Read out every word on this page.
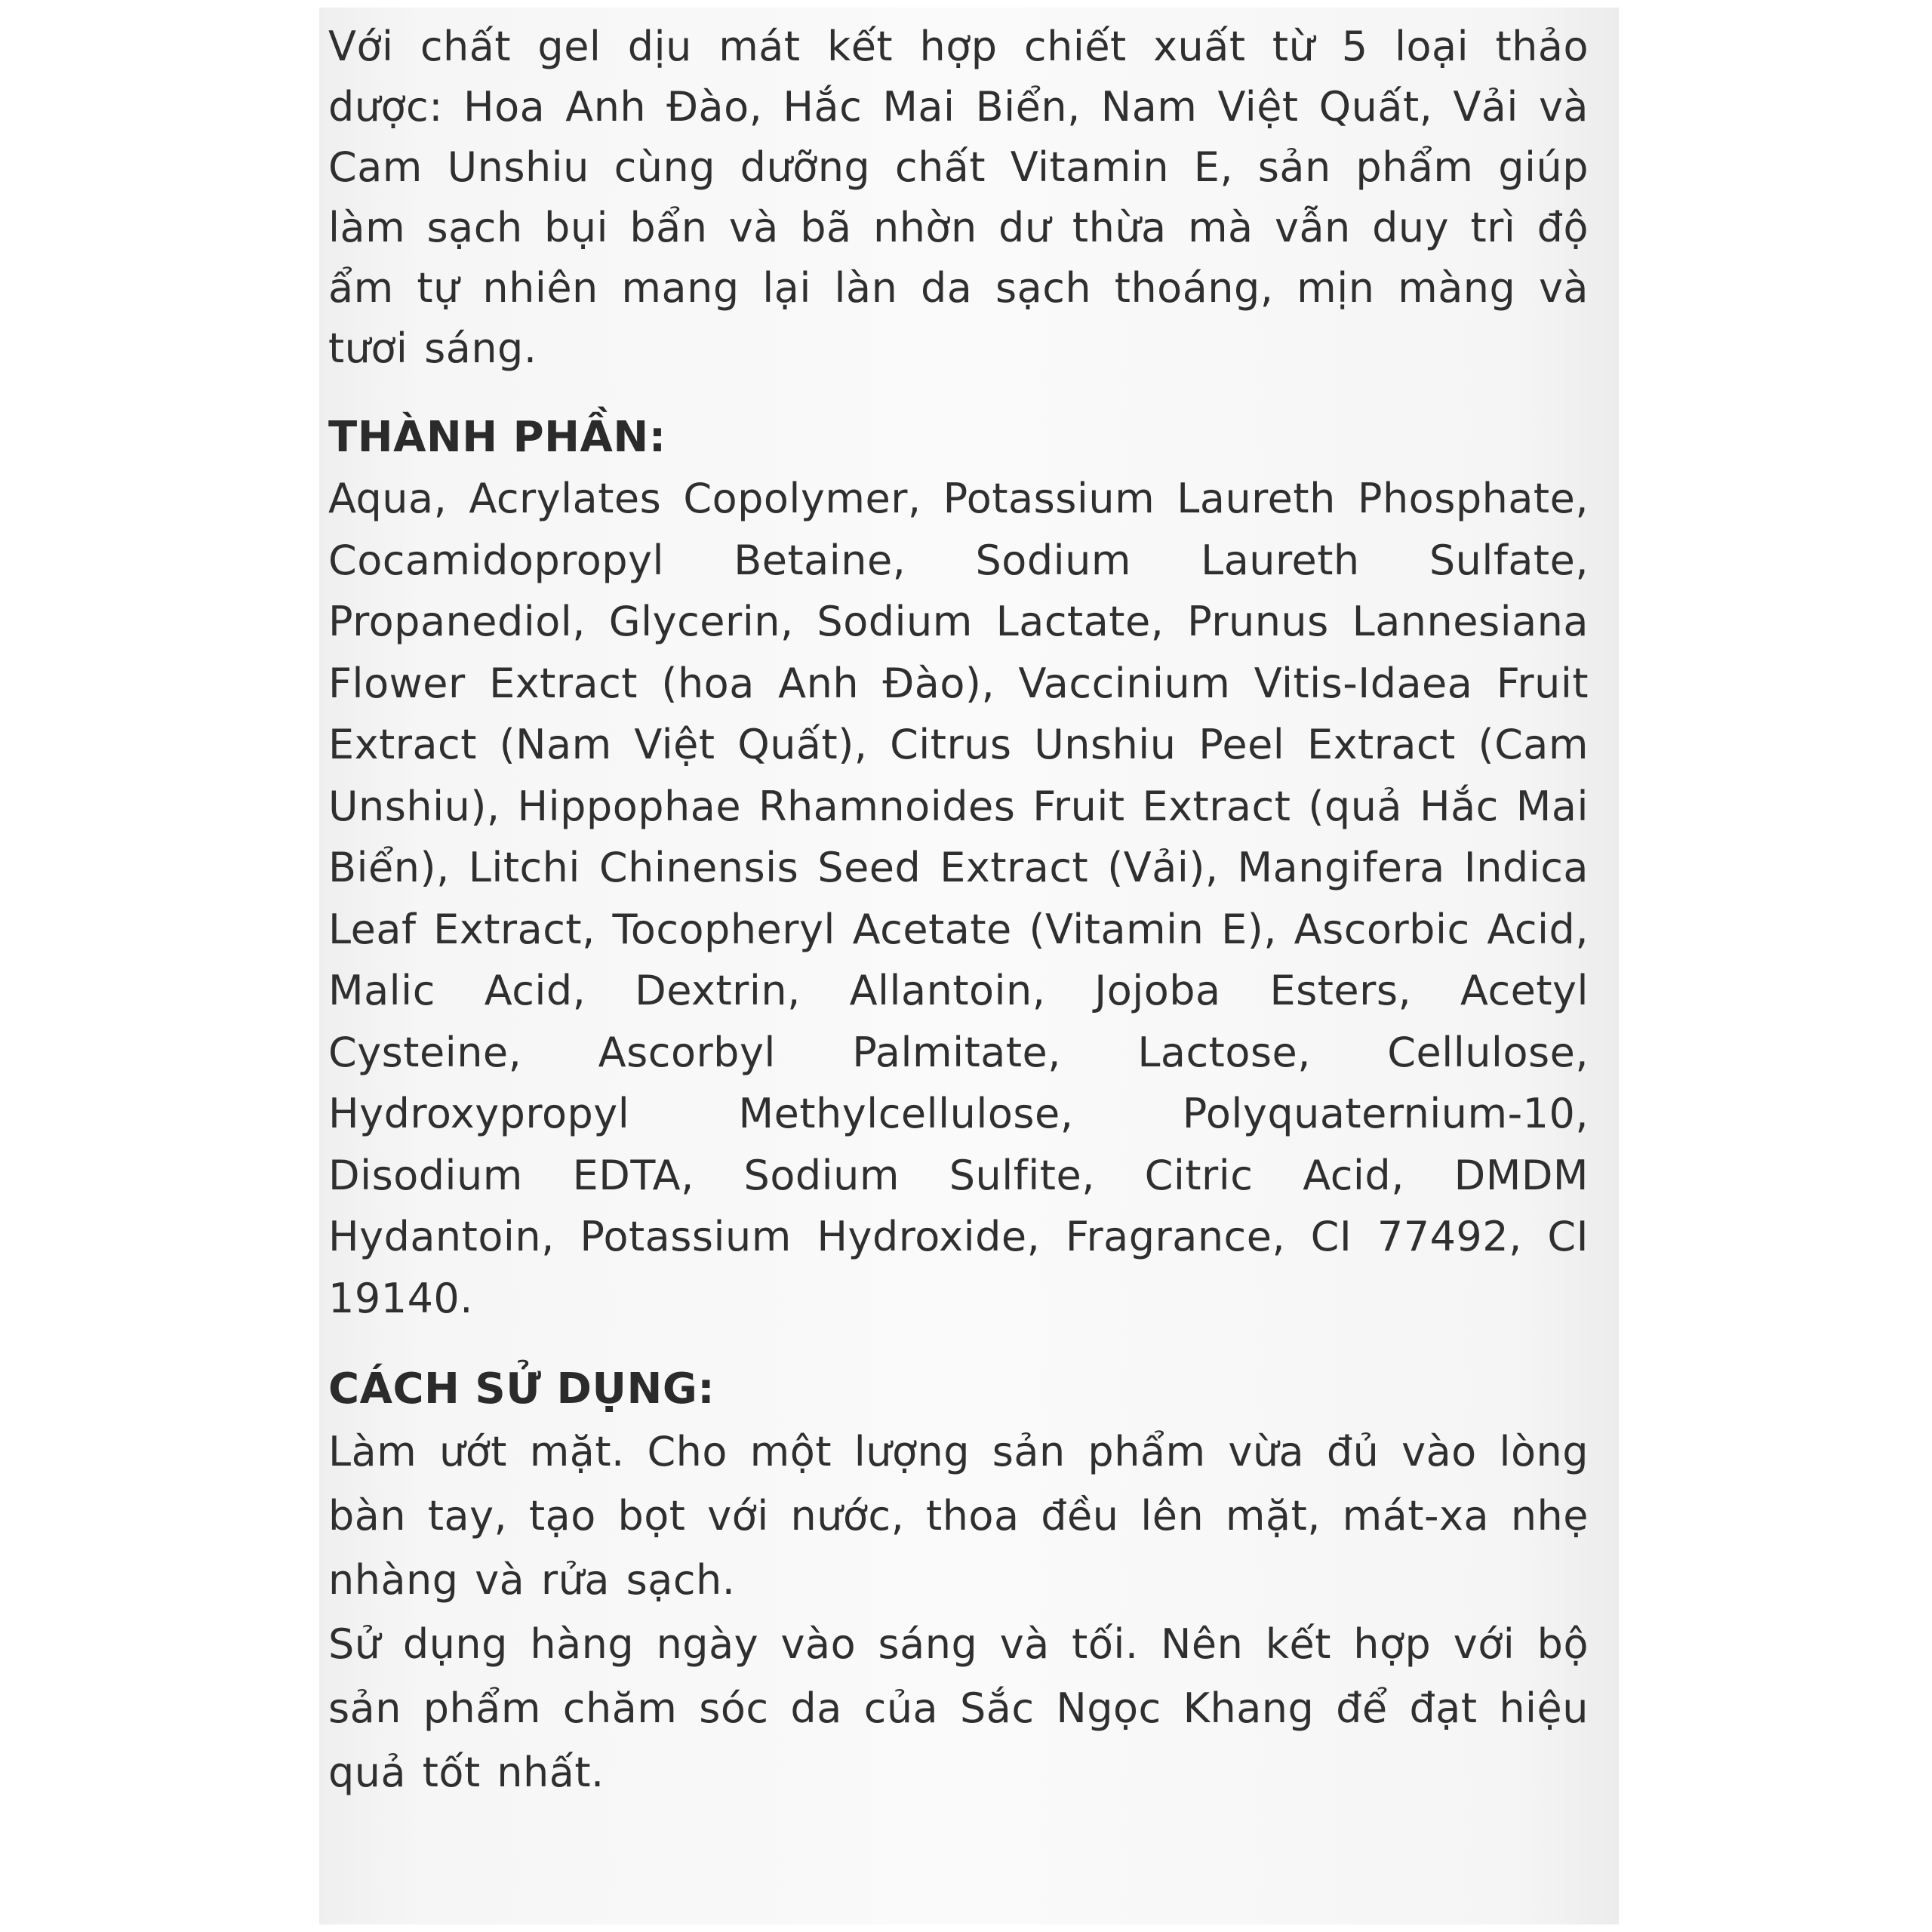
Với chất gel dịu mát kết hợp chiết xuất từ 5 loại thảo dược: Hoa Anh Đào, Hắc Mai Biển, Nam Việt Quất, Vải và Cam Unshiu cùng dưỡng chất Vitamin E, sản phẩm giúp làm sạch bụi bẩn và bã nhờn dư thừa mà vẫn duy trì độ ẩm tự nhiên mang lại làn da sạch thoáng, mịn màng và tươi sáng.

THÀNH PHẦN:

Aqua, Acrylates Copolymer, Potassium Laureth Phosphate, Cocamidopropyl Betaine, Sodium Laureth Sulfate, Propanediol, Glycerin, Sodium Lactate, Prunus Lannesiana Flower Extract (hoa Anh Đào), Vaccinium Vitis-Idaea Fruit Extract (Nam Việt Quất), Citrus Unshiu Peel Extract (Cam Unshiu), Hippophae Rhamnoides Fruit Extract (quả Hắc Mai Biển), Litchi Chinensis Seed Extract (Vải), Mangifera Indica Leaf Extract, Tocopheryl Acetate (Vitamin E), Ascorbic Acid, Malic Acid, Dextrin, Allantoin, Jojoba Esters, Acetyl Cysteine, Ascorbyl Palmitate, Lactose, Cellulose, Hydroxypropyl Methylcellulose, Polyquaternium-10, Disodium EDTA, Sodium Sulfite, Citric Acid, DMDM Hydantoin, Potassium Hydroxide, Fragrance, CI 77492, CI 19140.

CÁCH SỬ DỤNG:

Làm ướt mặt. Cho một lượng sản phẩm vừa đủ vào lòng bàn tay, tạo bọt với nước, thoa đều lên mặt, mát-xa nhẹ nhàng và rửa sạch.

Sử dụng hàng ngày vào sáng và tối. Nên kết hợp với bộ sản phẩm chăm sóc da của Sắc Ngọc Khang để đạt hiệu quả tốt nhất.
